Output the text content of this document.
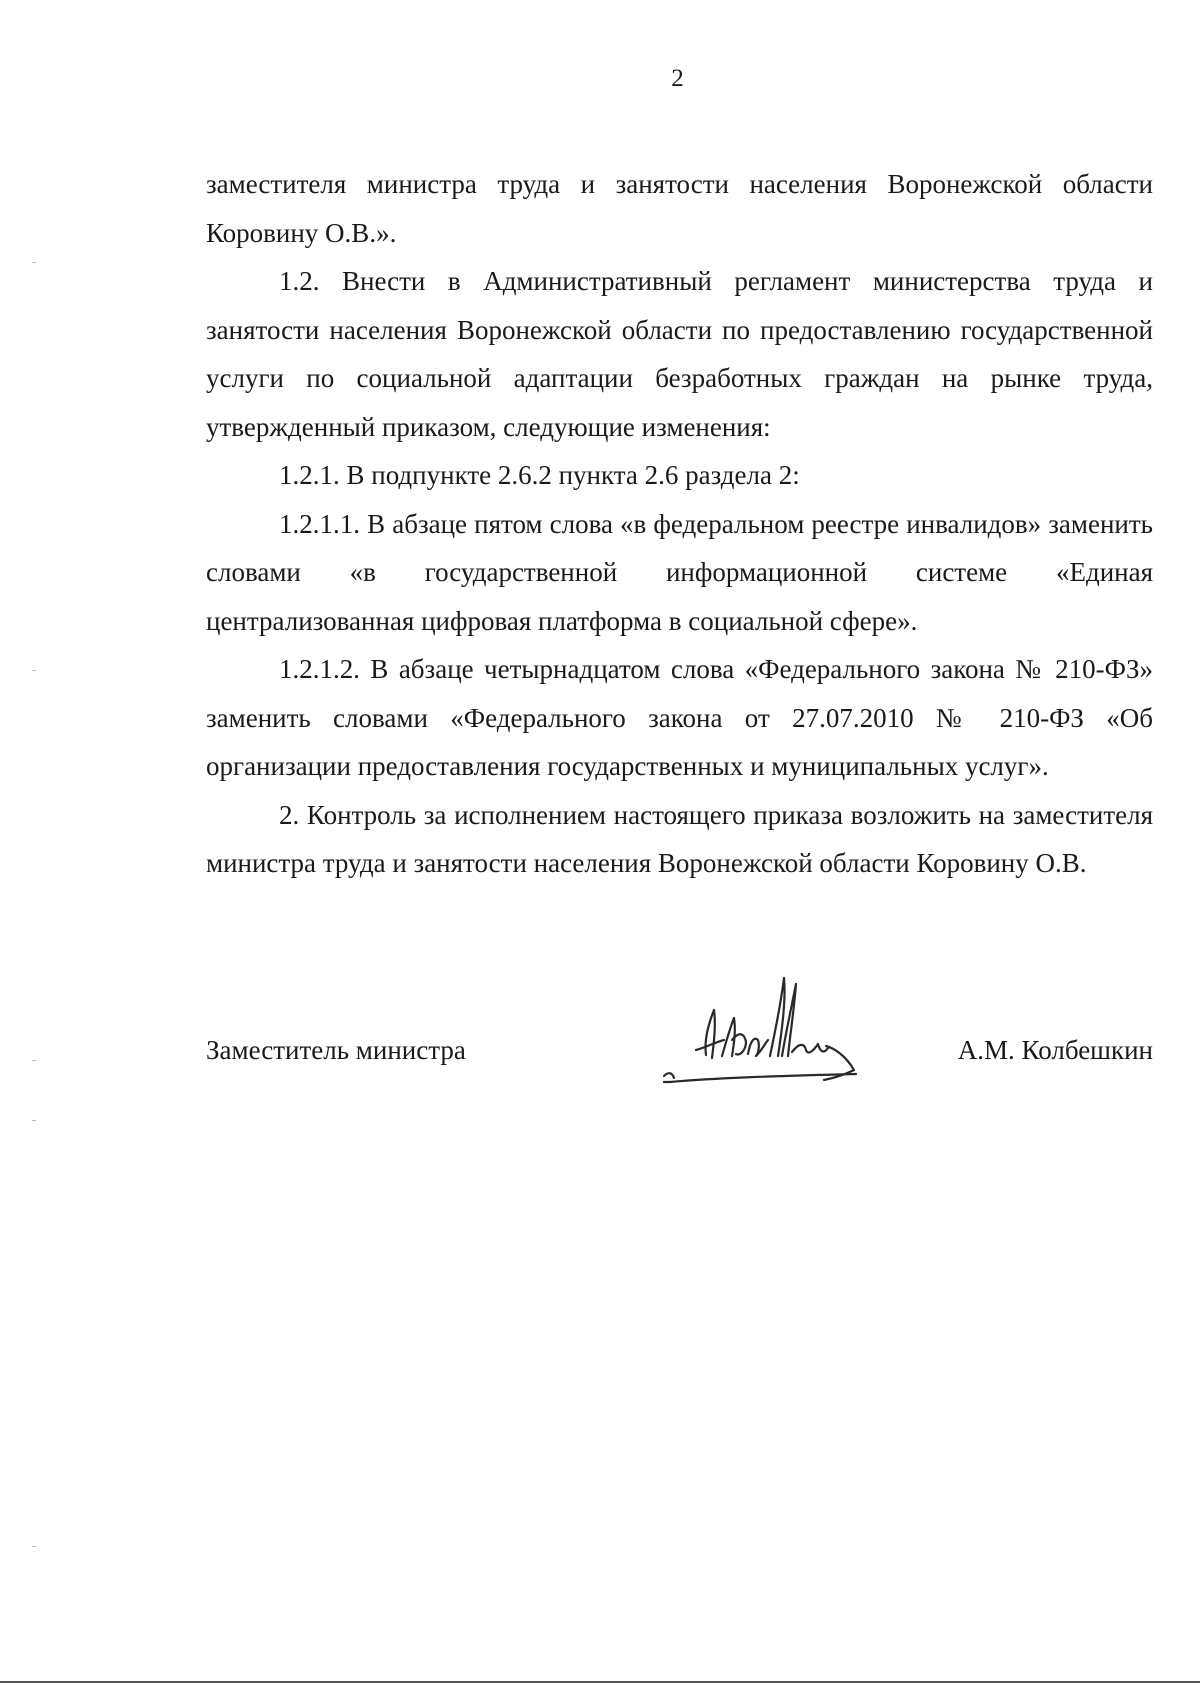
2

заместителя министра труда и занятости населения Воронежской области Коровину О.В.».

1.2. Внести в Административный регламент министерства труда и занятости населения Воронежской области по предоставлению государственной услуги по социальной адаптации безработных граждан на рынке труда, утвержденный приказом, следующие изменения:

1.2.1. В подпункте 2.6.2 пункта 2.6 раздела 2:

1.2.1.1. В абзаце пятом слова «в федеральном реестре инвалидов» заменить словами «в государственной информационной системе «Единая централизованная цифровая платформа в социальной сфере».

1.2.1.2. В абзаце четырнадцатом слова «Федерального закона № 210-ФЗ» заменить словами «Федерального закона от 27.07.2010 № 210-ФЗ «Об организации предоставления государственных и муниципальных услуг».

2. Контроль за исполнением настоящего приказа возложить на заместителя министра труда и занятости населения Воронежской области Коровину О.В.

Заместитель министра	А.М. Колбешкин
